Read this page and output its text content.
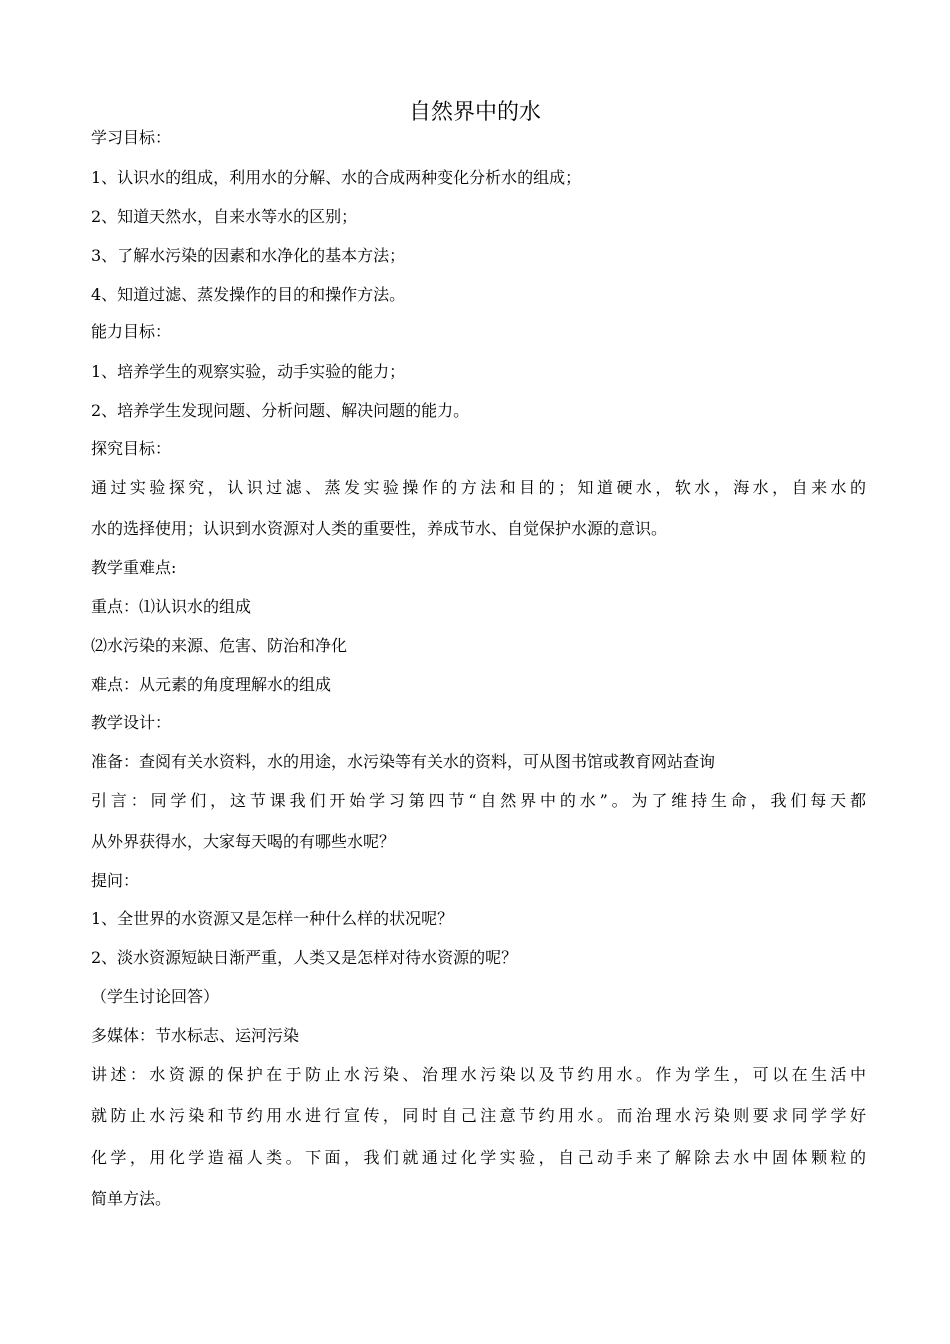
自然界中的水
学习目标：
1、认识水的组成，利用水的分解、水的合成两种变化分析水的组成；
2、知道天然水，自来水等水的区别；
3、了解水污染的因素和水净化的基本方法；
4、知道过滤、蒸发操作的目的和操作方法。
能力目标：
1、培养学生的观察实验，动手实验的能力；
2、培养学生发现问题、分析问题、解决问题的能力。
探究目标：
通过实验探究，认识过滤、蒸发实验操作的方法和目的；知道硬水，软水，海水，自来水的
水的选择使用；认识到水资源对人类的重要性，养成节水、自觉保护水源的意识。
教学重难点:
重点：⑴认识水的组成
⑵水污染的来源、危害、防治和净化
难点：从元素的角度理解水的组成
教学设计：
准备：查阅有关水资料，水的用途，水污染等有关水的资料，可从图书馆或教育网站查询
引言：同学们，这节课我们开始学习第四节“自然界中的水”。为了维持生命，我们每天都
从外界获得水，大家每天喝的有哪些水呢？
提问：
1、全世界的水资源又是怎样一种什么样的状况呢？
2、淡水资源短缺日渐严重，人类又是怎样对待水资源的呢？
（学生讨论回答）
多媒体：节水标志、运河污染
讲述：水资源的保护在于防止水污染、治理水污染以及节约用水。作为学生，可以在生活中
就防止水污染和节约用水进行宣传，同时自己注意节约用水。而治理水污染则要求同学学好
化学，用化学造福人类。下面，我们就通过化学实验，自己动手来了解除去水中固体颗粒的
简单方法。
